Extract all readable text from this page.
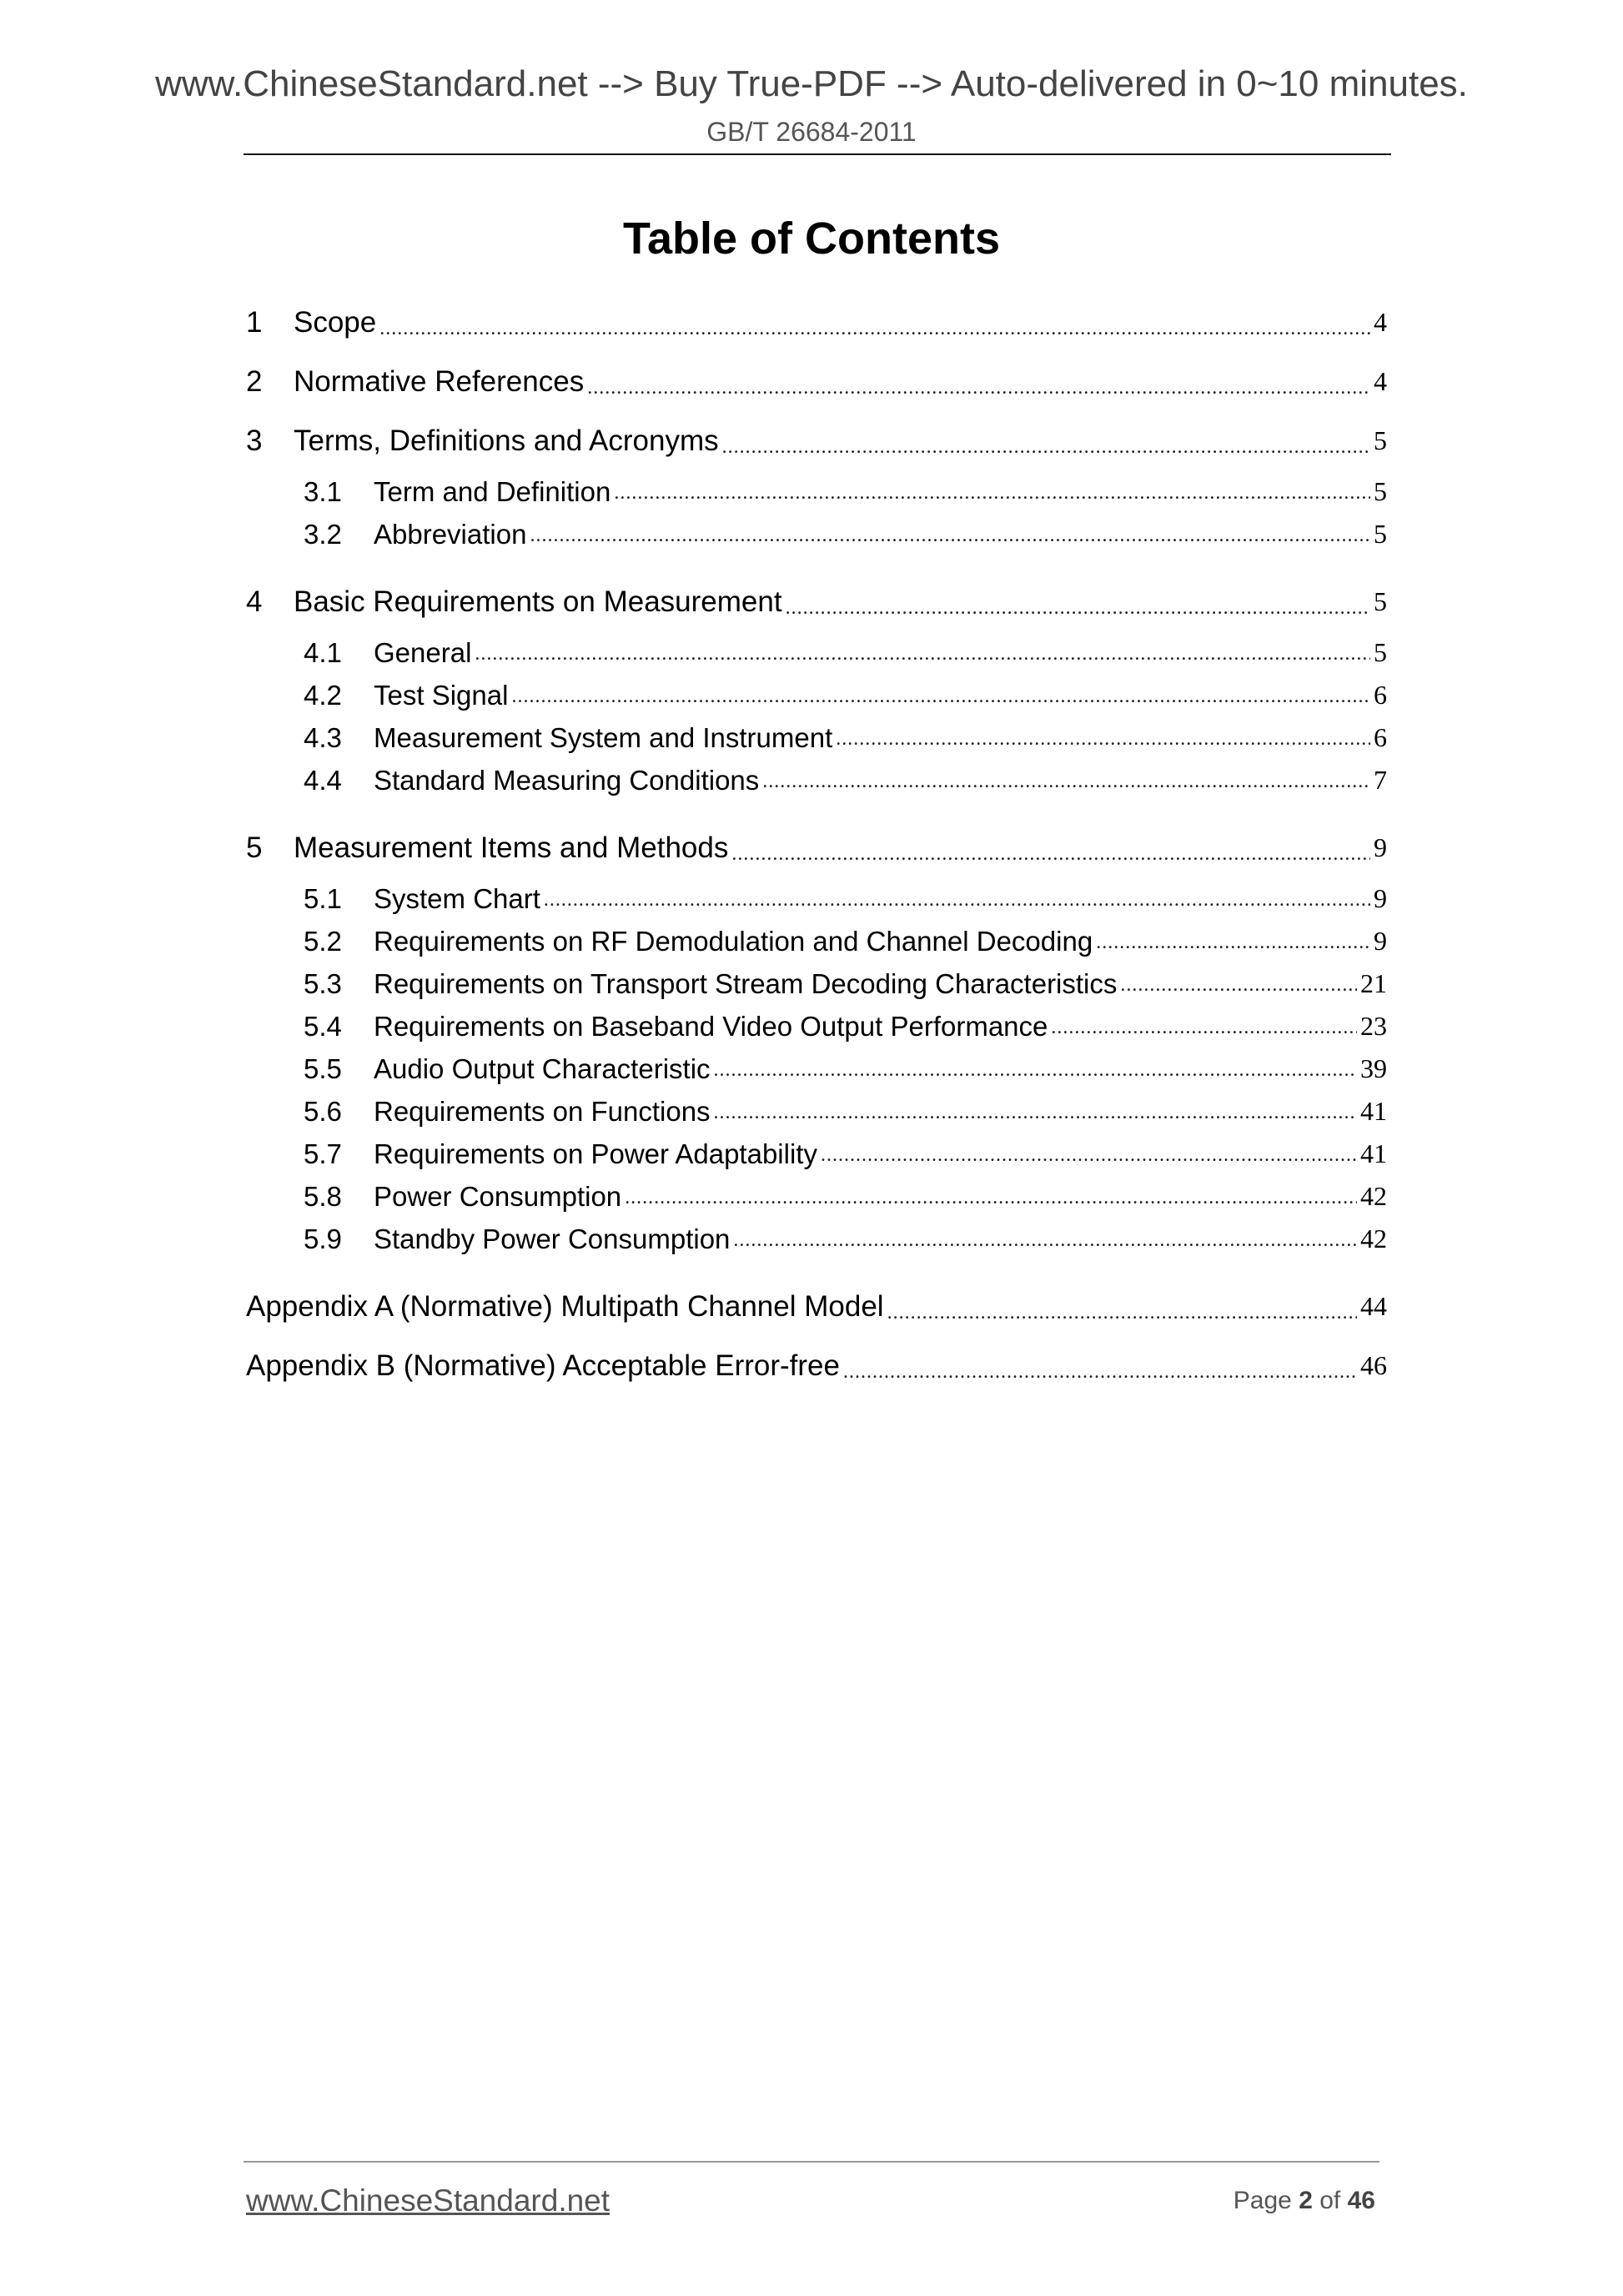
www.ChineseStandard.net --> Buy True-PDF --> Auto-delivered in 0~10 minutes.
GB/T 26684-2011
Table of Contents
1	Scope .....	4
2	Normative References .....	4
3	Terms, Definitions and Acronyms .....	5
3.1	Term and Definition .....	5
3.2	Abbreviation .....	5
4	Basic Requirements on Measurement .....	5
4.1	General .....	5
4.2	Test Signal .....	6
4.3	Measurement System and Instrument .....	6
4.4	Standard Measuring Conditions .....	7
5	Measurement Items and Methods .....	9
5.1	System Chart .....	9
5.2	Requirements on RF Demodulation and Channel Decoding .....	9
5.3	Requirements on Transport Stream Decoding Characteristics .....	21
5.4	Requirements on Baseband Video Output Performance .....	23
5.5	Audio Output Characteristic .....	39
5.6	Requirements on Functions .....	41
5.7	Requirements on Power Adaptability .....	41
5.8	Power Consumption .....	42
5.9	Standby Power Consumption .....	42
Appendix A (Normative) Multipath Channel Model .....	44
Appendix B (Normative) Acceptable Error-free .....	46
www.ChineseStandard.net	Page 2 of 46
